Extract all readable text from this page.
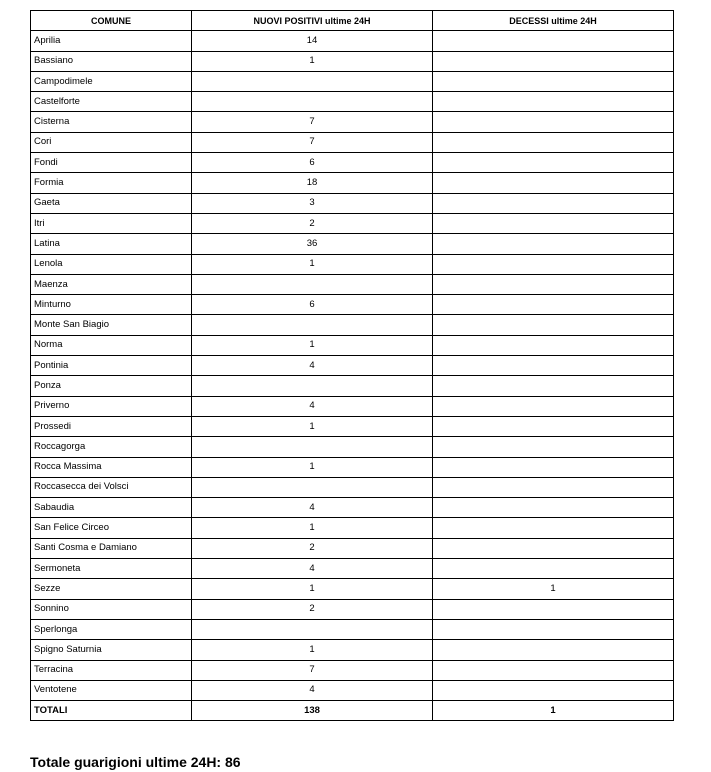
COMUNE	NUOVI POSITIVI ultime 24H	DECESSI ultime 24H
Aprilia	14	
Bassiano	1	
Campodimele		
Castelforte		
Cisterna	7	
Cori	7	
Fondi	6	
Formia	18	
Gaeta	3	
Itri	2	
Latina	36	
Lenola	1	
Maenza		
Minturno	6	
Monte San Biagio		
Norma	1	
Pontinia	4	
Ponza		
Priverno	4	
Prossedi	1	
Roccagorga		
Rocca Massima	1	
Roccasecca dei Volsci		
Sabaudia	4	
San Felice Circeo	1	
Santi Cosma e Damiano	2	
Sermoneta	4	
Sezze	1	1
Sonnino	2	
Sperlonga		
Spigno Saturnia	1	
Terracina	7	
Ventotene	4	
TOTALI	138	1
Totale guarigioni ultime 24H: 86
